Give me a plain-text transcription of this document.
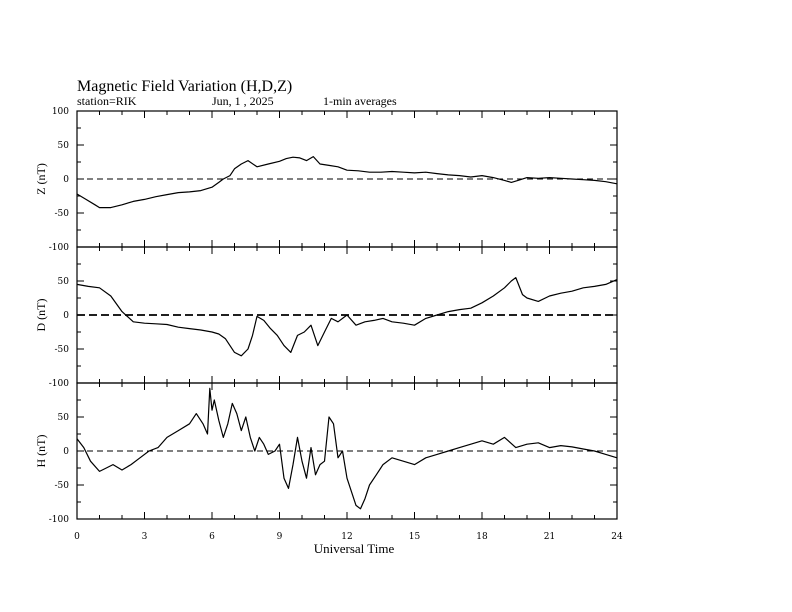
Magnetic Field Variation (H,D,Z)
station=RIK	Jun, 1 , 2025	1-min averages
100
50
0
-50
-100
Z (nT)
50
0
-50
D (nT)
-100
50
0
-50
-100
H (nT)
0	3	6	9	12	15	18	21	24
Universal Time
